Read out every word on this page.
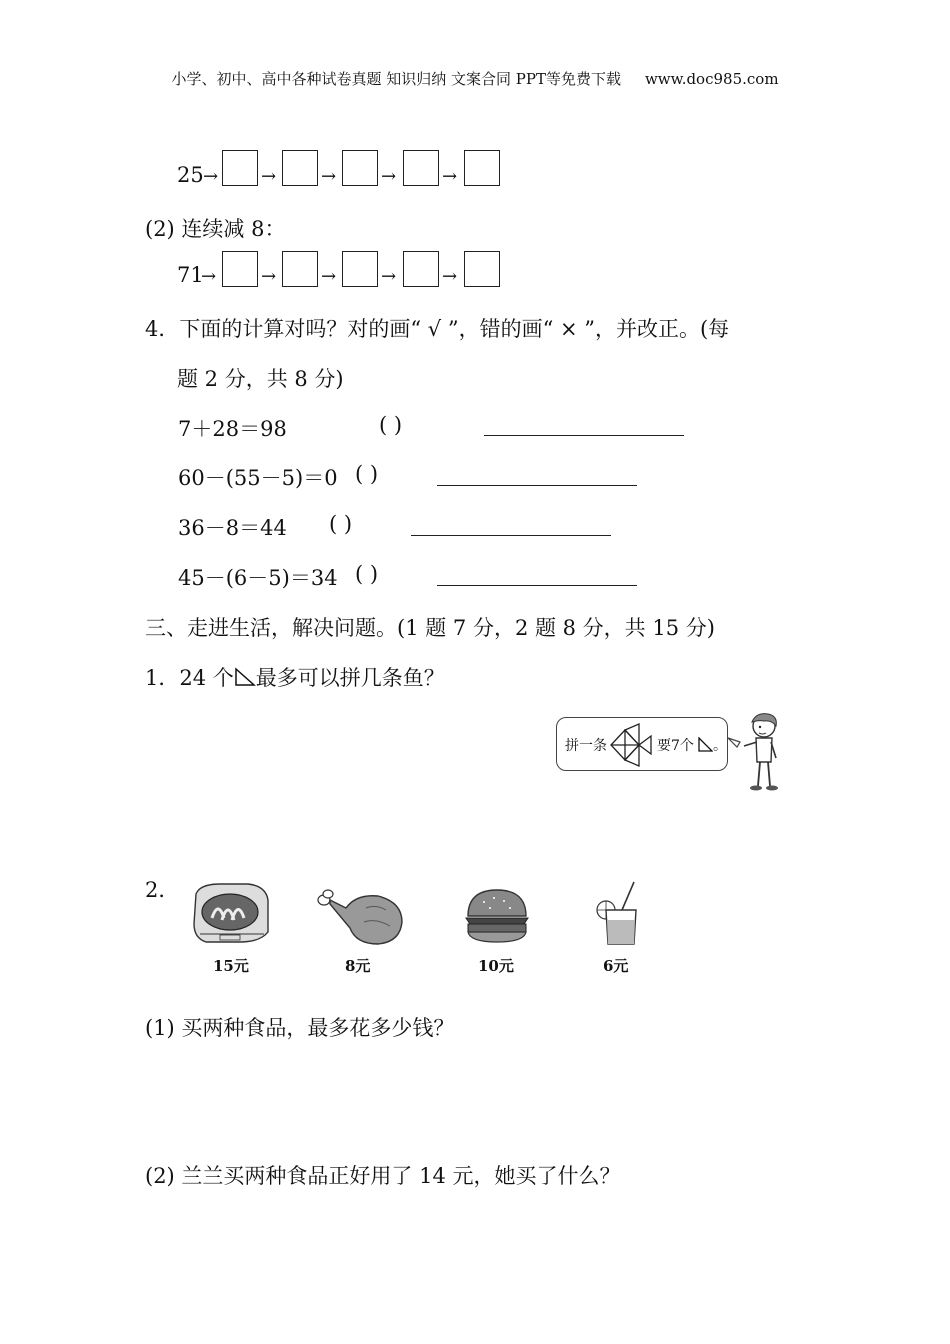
小学、初中、高中各种试卷真题 知识归纳 文案合同 PPT等免费下载 www.doc985.com
25 → → → →	→
(2) 连续减 8：
71
→ → → →	→
4．下面的计算对吗？对的画“ √ ”，错的画“ × ”，并改正。(每
题 2 分，共 8 分)
7＋28＝98	( )
60－(55－5)＝0 ( )
36－8＝44 ( )
45－(6－5)＝34 ( )
三、走进生活，解决问题。(1 题 7 分，2 题 8 分，共 15 分)
1．24 个 最多可以拼几条鱼？
拼一条	要7个 。
2．
15元	8元	10元	6元
(1) 买两种食品，最多花多少钱？
(2) 兰兰买两种食品正好用了 14 元，她买了什么？
